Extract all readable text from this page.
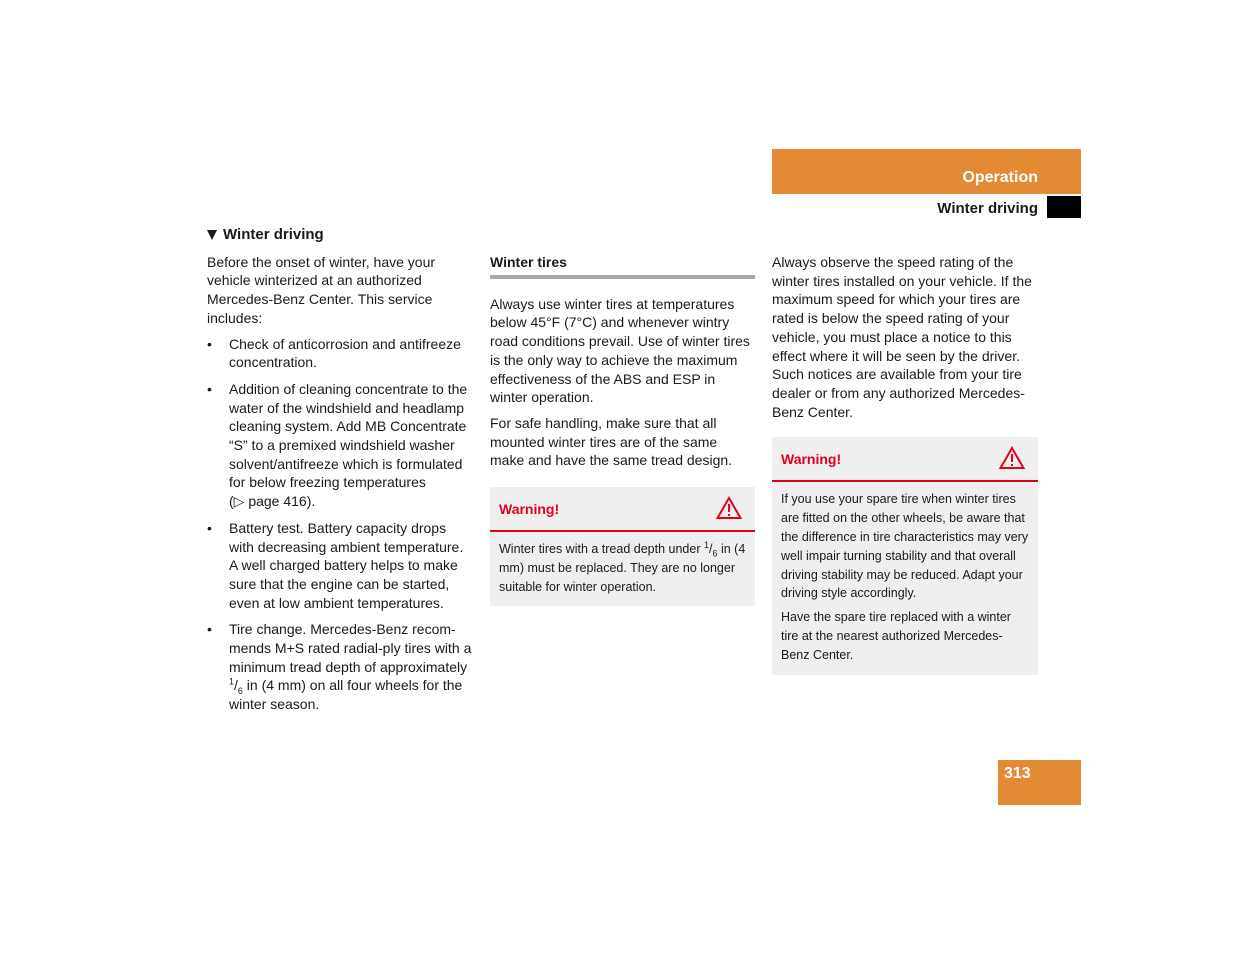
Operation
Winter driving
Winter driving

Before the onset of winter, have your vehicle winterized at an authorized Mercedes-Benz Center. This service includes:

• Check of anticorrosion and antifreeze concentration.
• Addition of cleaning concentrate to the water of the windshield and headlamp cleaning system. Add MB Concentrate “S” to a premixed windshield washer solvent/antifreeze which is formulated for below freezing temperatures
(▷ page 416).
• Battery test. Battery capacity drops with decreasing ambient temperature. A well charged battery helps to make sure that the engine can be started, even at low ambient temperatures.
• Tire change. Mercedes-Benz recom-mends M+S rated radial-ply tires with a minimum tread depth of approximately $^1/_6$ in (4 mm) on all four wheels for the winter season.
Winter tires

Always use winter tires at temperatures below 45°F (7°C) and whenever wintry road conditions prevail. Use of winter tires is the only way to achieve the maximum effectiveness of the ABS and ESP in winter operation.

For safe handling, make sure that all mounted winter tires are of the same make and have the same tread design.

Warning!

Winter tires with a tread depth under $^1/_6$ in (4 mm) must be replaced. They are no longer suitable for winter operation.

Always observe the speed rating of the winter tires installed on your vehicle. If the maximum speed for which your tires are rated is below the speed rating of your vehicle, you must place a notice to this effect where it will be seen by the driver. Such notices are available from your tire dealer or from any authorized Mercedes-Benz Center.

Warning!

If you use your spare tire when winter tires are fitted on the other wheels, be aware that the difference in tire characteristics may very well impair turning stability and that overall driving stability may be reduced. Adapt your driving style accordingly.

Have the spare tire replaced with a winter tire at the nearest authorized Mercedes-Benz Center.

313
